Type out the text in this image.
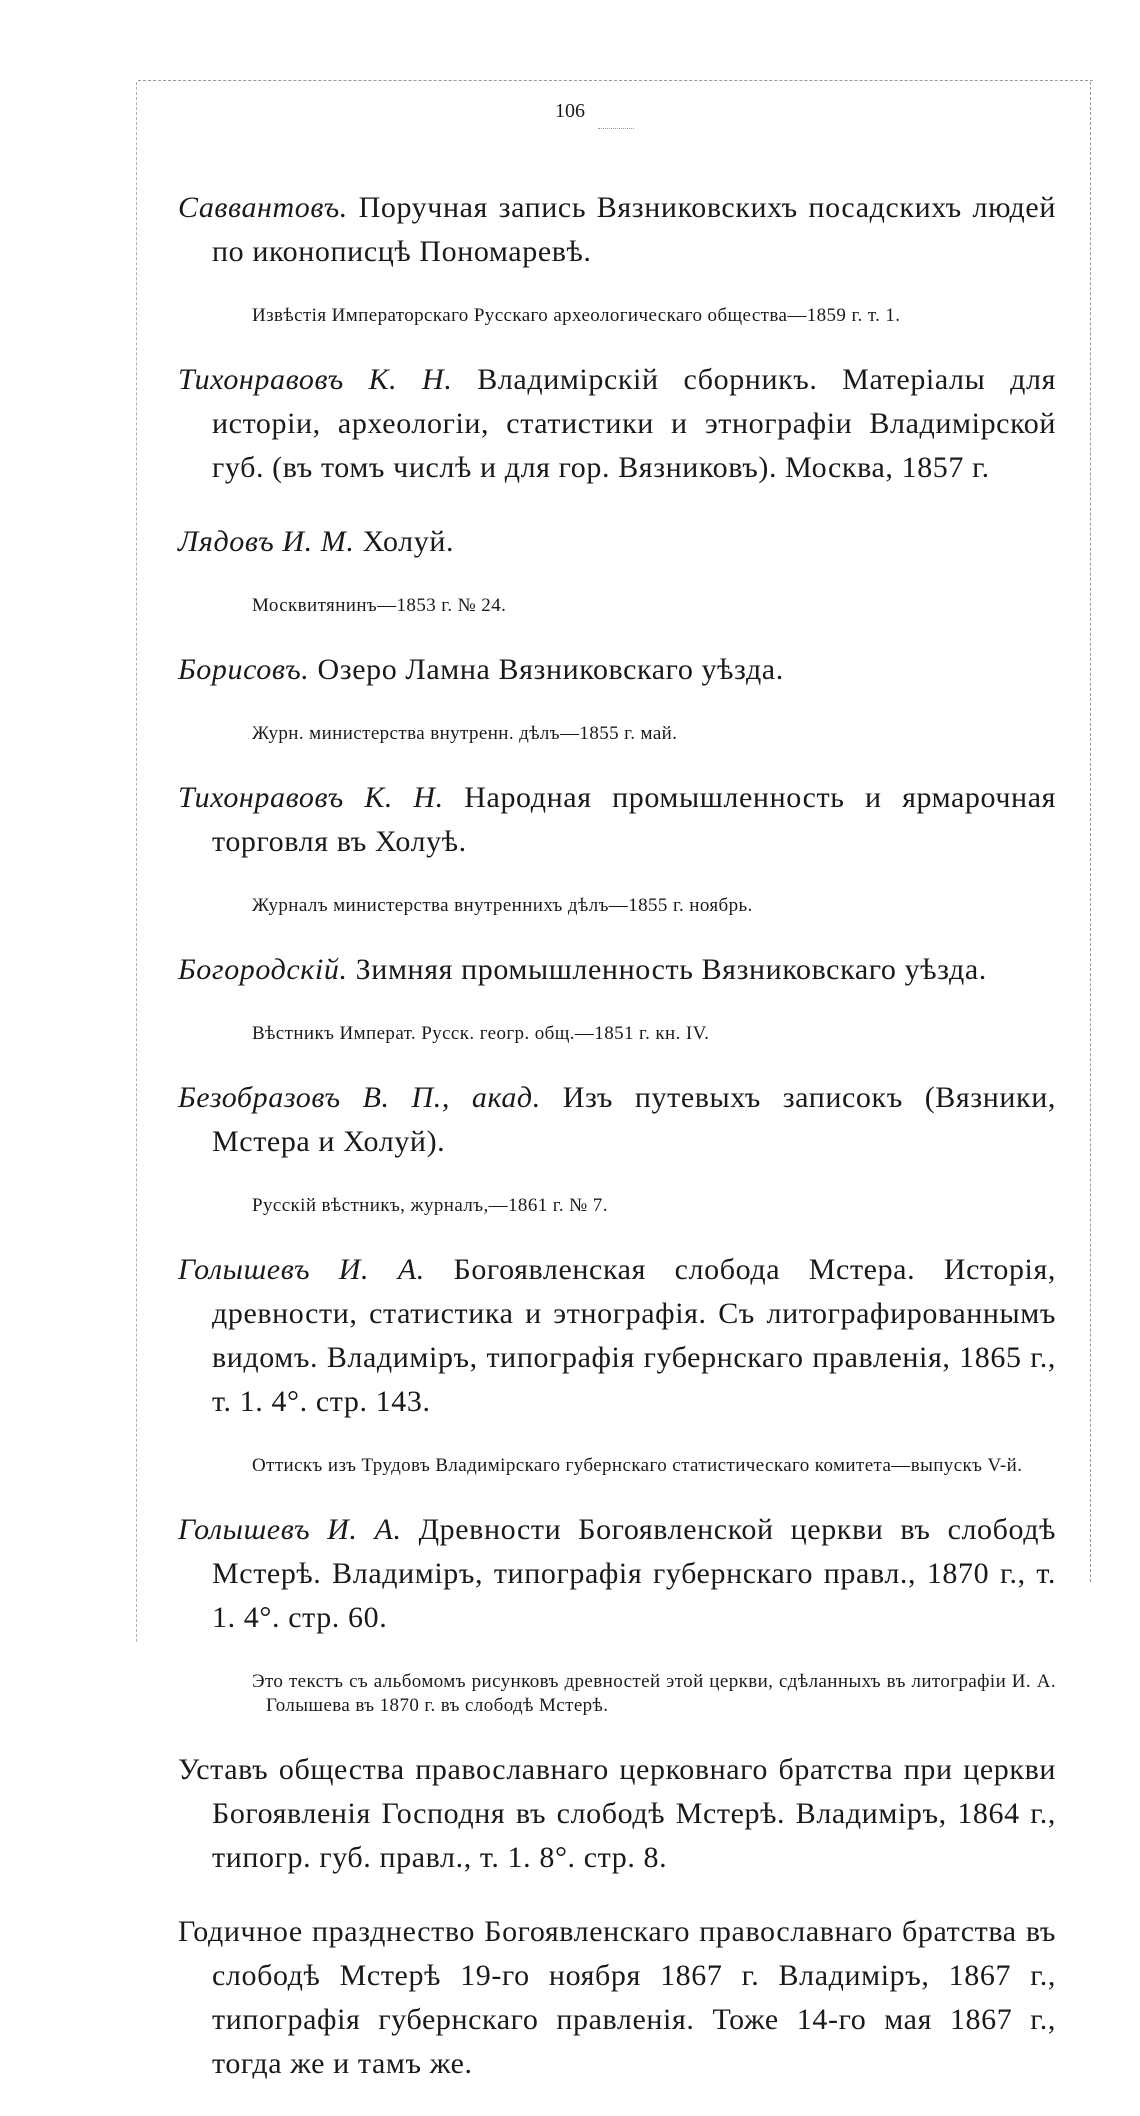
106

Саввантовъ. Поручная запись Вязниковскихъ посадскихъ людей по иконописцѣ Пономаревѣ.

Извѣстія Императорскаго Русскаго археологическаго общества—1859 г. т. 1.

Тихонравовъ К. Н. Владимірскій сборникъ. Матеріалы для исторіи, археологіи, статистики и этнографіи Владимірской губ. (въ томъ числѣ и для гор. Вязниковъ). Москва, 1857 г.

Лядовъ И. М. Холуй.

Москвитянинъ—1853 г. № 24.

Борисовъ. Озеро Ламна Вязниковскаго уѣзда.

Журн. министерства внутренн. дѣлъ—1855 г. май.

Тихонравовъ К. Н. Народная промышленность и ярмарочная торговля въ Холуѣ.

Журналъ министерства внутреннихъ дѣлъ—1855 г. ноябрь.

Богородскій. Зимняя промышленность Вязниковскаго уѣзда.

Вѣстникъ Императ. Русск. геогр. общ.—1851 г. кн. IV.

Безобразовъ В. П., акад. Изъ путевыхъ записокъ (Вязники, Мстера и Холуй).

Русскій вѣстникъ, журналъ,—1861 г. № 7.

Голышевъ И. А. Богоявленская слобода Мстера. Исторія, древности, статистика и этнографія. Съ литографированнымъ видомъ. Владиміръ, типографія губернскаго правленія, 1865 г., т. 1. 4°. стр. 143.

Оттискъ изъ Трудовъ Владимірскаго губернскаго статистическаго комитета—выпускъ V-й.

Голышевъ И. А. Древности Богоявленской церкви въ слободѣ Мстерѣ. Владиміръ, типографія губернскаго правл., 1870 г., т. 1. 4°. стр. 60.

Это текстъ съ альбомомъ рисунковъ древностей этой церкви, сдѣланныхъ въ литографіи И. А. Голышева въ 1870 г. въ слободѣ Мстерѣ.

Уставъ общества православнаго церковнаго братства при церкви Богоявленія Господня въ слободѣ Мстерѣ. Владиміръ, 1864 г., типогр. губ. правл., т. 1. 8°. стр. 8.

Годичное празднество Богоявленскаго православнаго братства въ слободѣ Мстерѣ 19-го ноября 1867 г. Владиміръ, 1867 г., типографія губернскаго правленія. Тоже 14-го мая 1867 г., тогда же и тамъ же.
